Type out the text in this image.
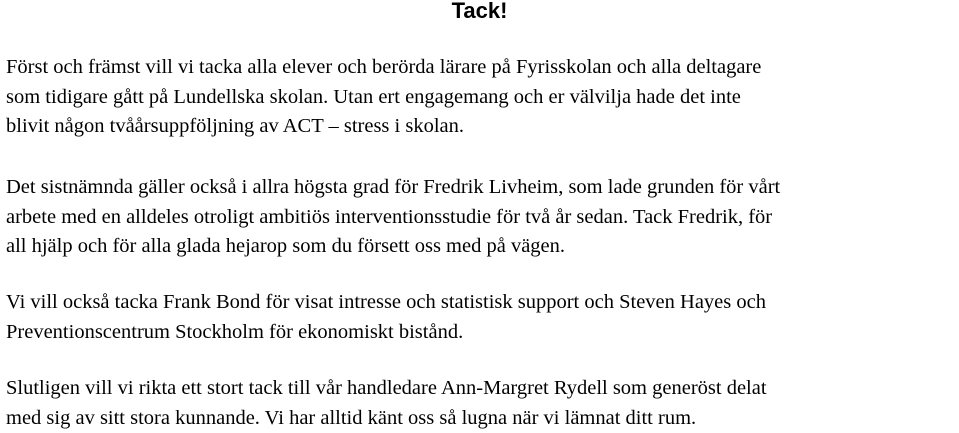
Tack!

Först och främst vill vi tacka alla elever och berörda lärare på Fyrisskolan och alla deltagare
som tidigare gått på Lundellska skolan. Utan ert engagemang och er välvilja hade det inte
blivit någon tvåårsuppföljning av ACT – stress i skolan.

Det sistnämnda gäller också i allra högsta grad för Fredrik Livheim, som lade grunden för vårt
arbete med en alldeles otroligt ambitiös interventionsstudie för två år sedan. Tack Fredrik, för
all hjälp och för alla glada hejarop som du försett oss med på vägen.

Vi vill också tacka Frank Bond för visat intresse och statistisk support och Steven Hayes och
Preventionscentrum Stockholm för ekonomiskt bistånd.

Slutligen vill vi rikta ett stort tack till vår handledare Ann-Margret Rydell som generöst delat
med sig av sitt stora kunnande. Vi har alltid känt oss så lugna när vi lämnat ditt rum.
